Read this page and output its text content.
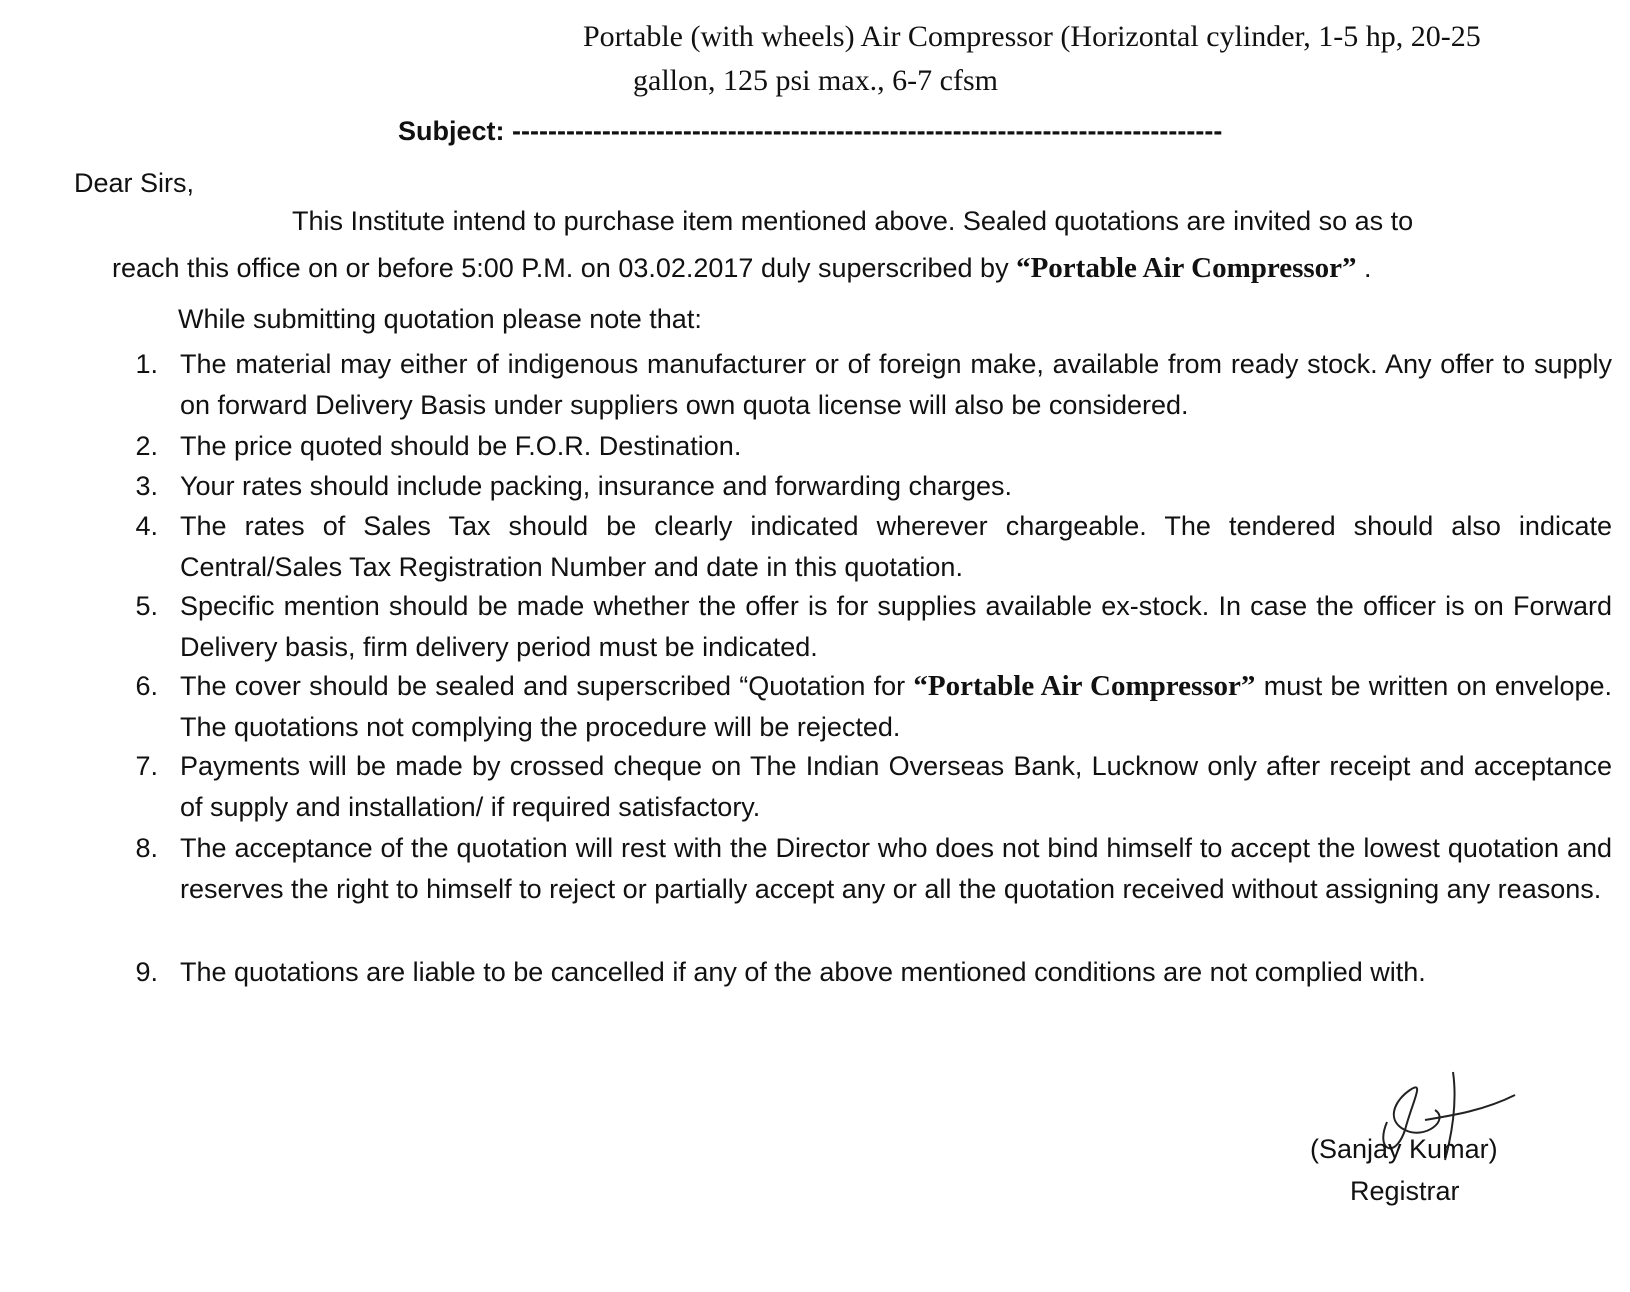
Portable (with wheels) Air Compressor (Horizontal cylinder, 1-5 hp, 20-25
gallon, 125 psi max., 6-7 cfsm
Subject: -------------------------------------------------------------------------------
Dear Sirs,
This Institute intend to purchase item mentioned above. Sealed quotations are invited so as to
reach this office on or before 5:00 P.M. on 03.02.2017 duly superscribed by “Portable Air Compressor” .
While submitting quotation please note that:
1. The material may either of indigenous manufacturer or of foreign make, available from ready stock. Any offer to supply on forward Delivery Basis under suppliers own quota license will also be considered.
2. The price quoted should be F.O.R. Destination.
3. Your rates should include packing, insurance and forwarding charges.
4. The rates of Sales Tax should be clearly indicated wherever chargeable. The tendered should also indicate Central/Sales Tax Registration Number and date in this quotation.
5. Specific mention should be made whether the offer is for supplies available ex-stock. In case the officer is on Forward Delivery basis, firm delivery period must be indicated.
6. The cover should be sealed and superscribed “Quotation for “Portable Air Compressor” must be written on envelope. The quotations not complying the procedure will be rejected.
7. Payments will be made by crossed cheque on The Indian Overseas Bank, Lucknow only after receipt and acceptance of supply and installation/ if required satisfactory.
8. The acceptance of the quotation will rest with the Director who does not bind himself to accept the lowest quotation and reserves the right to himself to reject or partially accept any or all the quotation received without assigning any reasons.
9. The quotations are liable to be cancelled if any of the above mentioned conditions are not complied with.
(Sanjay Kumar)
Registrar
